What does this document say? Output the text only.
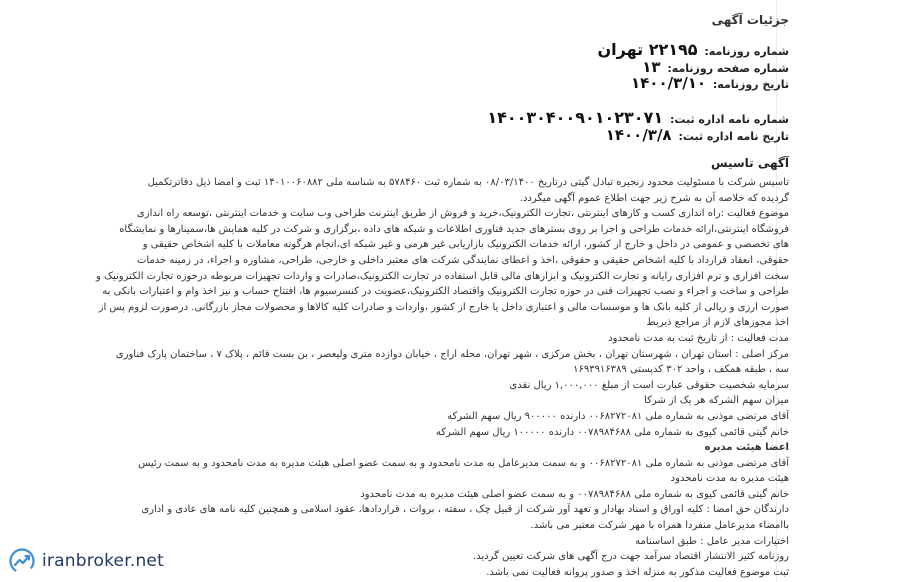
جزئیات آگهی
شماره روزنامه: ۲۲۱۹۵ تهران
شماره صفحه روزنامه: ۱۳
تاریخ روزنامه: ۱۴۰۰/۳/۱۰
شماره نامه اداره ثبت: ۱۴۰۰۳۰۴۰۰۹۰۱۰۲۳۰۷۱
تاریخ نامه اداره ثبت: ۱۴۰۰/۳/۸
آگهی تاسیس

تاسیس شرکت با مسئولیت محدود زنجیره تبادل گیتی درتاریخ ۰۸/۰۳/۱۴۰۰ به شماره ثبت ۵۷۸۴۶۰ به شناسه ملی ۱۴۰۱۰۰۶۰۸۸۲ ثبت و امضا ذیل دفاترتکمیل

گردیده که خلاصه آن به شرح زیر جهت اطلاع عموم آگهی میگردد.

موضوع فعالیت :راه اندازی کسب و کارهای اینترنتی ،تجارت الکترونیک،خرید و فروش از طریق اینترنت طراحی وب سایت و خدمات اینترنتی ،توسعه راه اندازی

فروشگاه اینترنتی،ارائه خدمات طراحی و اجرا بر روی بسترهای جدید فناوری اطلاعات و شبکه های داده ،برگزاری و شرکت در کلیه همایش ها،سمینارها و نمایشگاه

های تخصصی و عمومی در داخل و خارج از کشور، ارائه خدمات الکترونیک بازاریابی غیر هرمی و غیر شبکه ای،انجام هرگونه معاملات با کلیه اشخاص حقیقی و

حقوقی، انعقاد قرارداد با کلیه اشخاص حقیقی و حقوقی ،اخذ و اعطای نمایندگی شرکت های معتبر داخلی و خارجی، طراحی، مشاوره و اجراء، در زمینه خدمات

سخت افزاری و نرم افزاری رایانه و تجارت الکترونیک و ابزارهای مالی قابل استفاده در تجارت الکترونیک،صادرات و واردات تجهیزات مربوطه درحوزه تجارت الکترونیک و

طراحی و ساخت و اجراء و نصب تجهیزات فنی در حوزه تجارت الکترونیک واقتصاد الکترونیک،عضویت در کنسرسیوم ها، افتتاح حساب و نیز اخذ وام و اعتبارات بانکی به

صورت ارزی و ریالی از کلیه بانک ها و موسسات مالی و اعتباری داخل یا خارج از کشور ،واردات و صادرات کلیه کالاها و محصولات مجاز بازرگانی. درصورت لزوم پس از

اخذ مجوزهای لازم از مراجع ذیربط

مدت فعالیت : از تاریخ ثبت به مدت نامحدود

مرکز اصلی : استان تهران ، شهرستان تهران ، بخش مرکزی ، شهر تهران، محله اراج ، خیابان دوازده متری ولیعصر ، بن بست قائم ، پلاک ۷ ، ساختمان پارک فناوری

سه ، طبقه همکف ، واحد ۳۰۲ کدپستی ۱۶۹۳۹۱۶۳۸۹

سرمایه شخصیت حقوقی عبارت است از مبلغ ۱,۰۰۰,۰۰۰ ریال نقدی

میزان سهم الشرکه هر یک از شرکا

آقای مرتضی موذنی به شماره ملی ۰۰۶۸۲۷۲۰۸۱ دارنده ۹۰۰۰۰۰ ریال سهم الشرکه

خانم گیتی قائمی کیوی به شماره ملی ۰۰۷۸۹۸۴۶۸۸ دارنده ۱۰۰۰۰۰ ریال سهم الشرکه

اعضا هیئت مدیره

آقای مرتضی موذنی به شماره ملی ۰۰۶۸۲۷۲۰۸۱ و به سمت مدیرعامل به مدت نامحدود و به سمت عضو اصلی هیئت مدیره به مدت نامحدود و به سمت رئیس

هیئت مدیره به مدت نامحدود

خانم گیتی قائمی کیوی به شماره ملی ۰۰۷۸۹۸۴۶۸۸ و به سمت عضو اصلی هیئت مدیره به مدت نامحدود

دارندگان حق امضا : کلیه اوراق و اسناد بهادار و تعهد آور شرکت از قبیل چک ، سفته ، بروات ، قراردادها، عقود اسلامی و همچنین کلیه نامه های عادی و اداری

باامضاء مدیرعامل منفردا همراه با مهر شرکت معتبر می باشد.

اختیارات مدیر عامل : طبق اساسنامه

روزنامه کثیر الانتشار اقتصاد سرآمد جهت درج آگهی های شرکت تعیین گردید.

ثبت موضوع فعالیت مذکور به منزله اخذ و صدور پروانه فعالیت نمی باشد.

iranbroker.net
